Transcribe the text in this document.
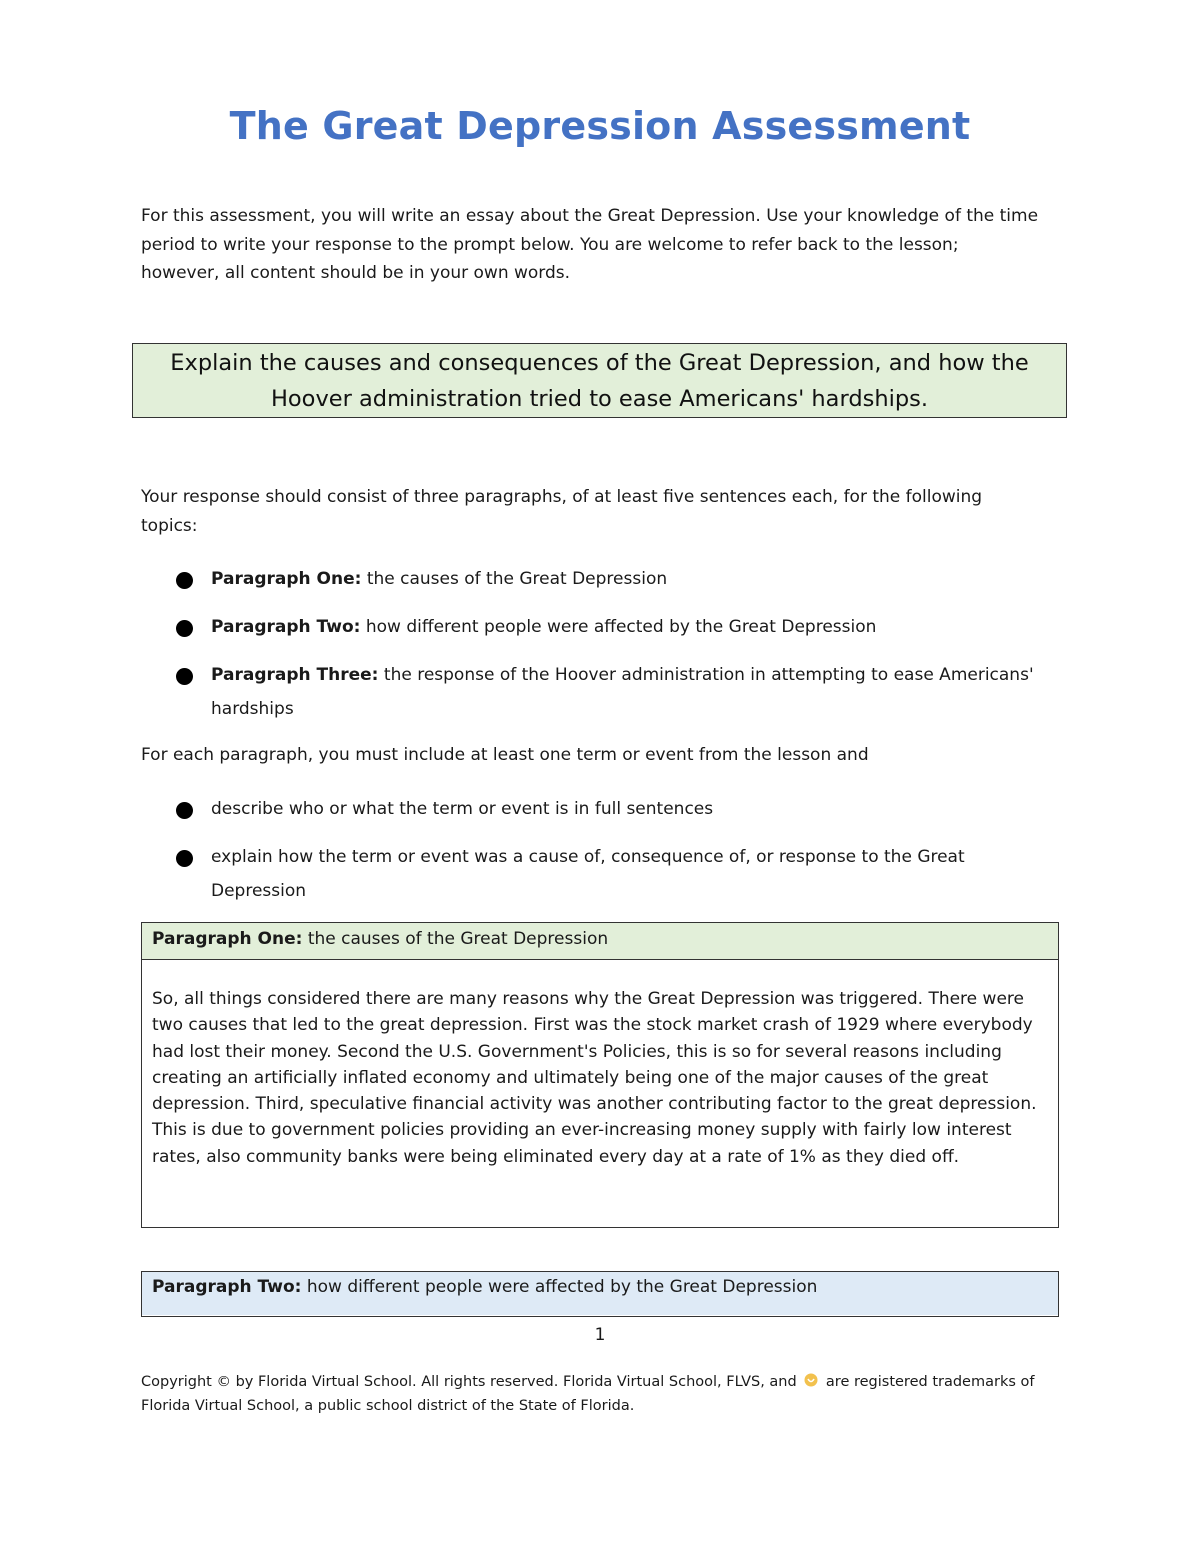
The Great Depression Assessment
For this assessment, you will write an essay about the Great Depression. Use your knowledge of the time period to write your response to the prompt below. You are welcome to refer back to the lesson; however, all content should be in your own words.
Explain the causes and consequences of the Great Depression, and how the
Hoover administration tried to ease Americans' hardships.
Your response should consist of three paragraphs, of at least five sentences each, for the following topics:
Paragraph One: the causes of the Great Depression
Paragraph Two: how different people were affected by the Great Depression
Paragraph Three: the response of the Hoover administration in attempting to ease Americans' hardships
For each paragraph, you must include at least one term or event from the lesson and
describe who or what the term or event is in full sentences
explain how the term or event was a cause of, consequence of, or response to the Great Depression
Paragraph One: the causes of the Great Depression
So, all things considered there are many reasons why the Great Depression was triggered. There were two causes that led to the great depression. First was the stock market crash of 1929 where everybody had lost their money. Second the U.S. Government's Policies, this is so for several reasons including creating an artificially inflated economy and ultimately being one of the major causes of the great depression. Third, speculative financial activity was another contributing factor to the great depression. This is due to government policies providing an ever-increasing money supply with fairly low interest rates, also community banks were being eliminated every day at a rate of 1% as they died off.
Paragraph Two: how different people were affected by the Great Depression
1
Copyright © by Florida Virtual School. All rights reserved. Florida Virtual School, FLVS, and are registered trademarks of Florida Virtual School, a public school district of the State of Florida.
